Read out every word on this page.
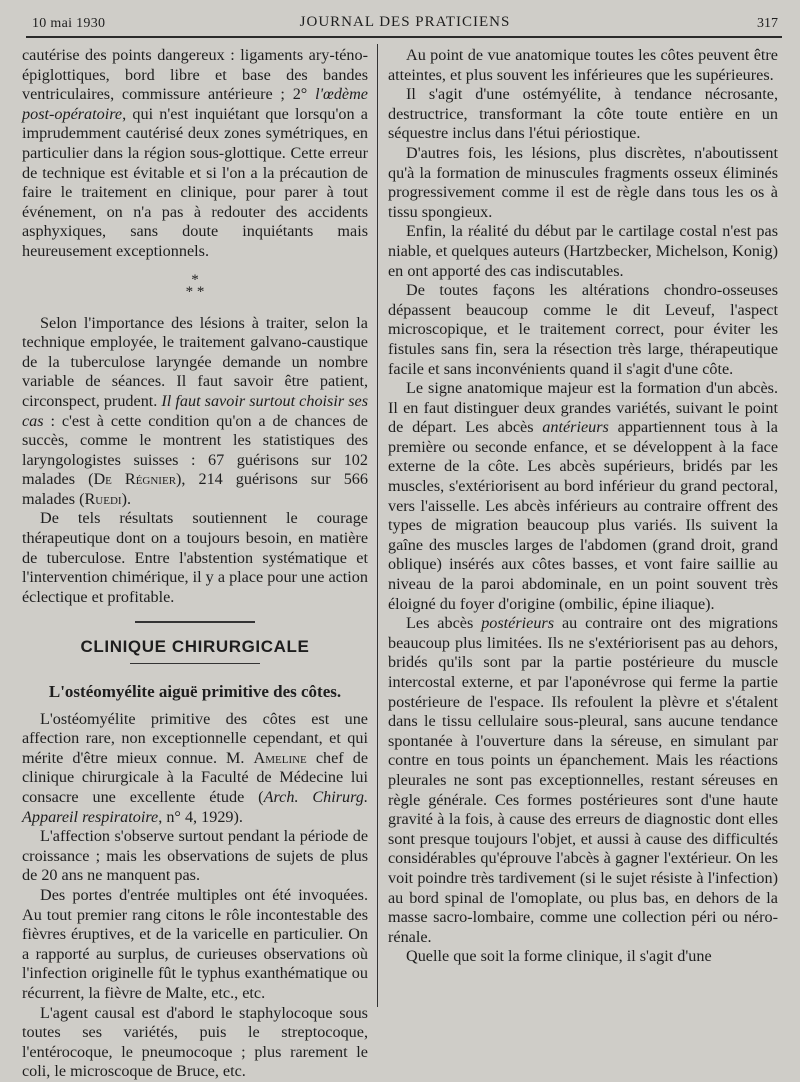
10 mai 1930	JOURNAL DES PRATICIENS	317

cautérise des points dangereux : ligaments ary-téno-épiglottiques, bord libre et base des bandes ventriculaires, commissure antérieure ; 2° l'œdème post-opératoire, qui n'est inquiétant que lorsqu'on a imprudemment cautérisé deux zones symétriques, en particulier dans la région sous-glottique. Cette erreur de technique est évitable et si l'on a la précaution de faire le traitement en clinique, pour parer à tout événement, on n'a pas à redouter des accidents asphyxiques, sans doute inquiétants mais heureusement exceptionnels.

*
* *

Selon l'importance des lésions à traiter, selon la technique employée, le traitement galvano-caustique de la tuberculose laryngée demande un nombre variable de séances. Il faut savoir être patient, circonspect, prudent. Il faut savoir surtout choisir ses cas : c'est à cette condition qu'on a de chances de succès, comme le montrent les statistiques des laryngologistes suisses : 67 guérisons sur 102 malades (De Régnier), 214 guérisons sur 566 malades (Ruedi).

De tels résultats soutiennent le courage thérapeutique dont on a toujours besoin, en matière de tuberculose. Entre l'abstention systématique et l'intervention chimérique, il y a place pour une action éclectique et profitable.

CLINIQUE CHIRURGICALE
L'ostéomyélite aiguë primitive des côtes.

L'ostéomyélite primitive des côtes est une affection rare, non exceptionnelle cependant, et qui mérite d'être mieux connue. M. Ameline chef de clinique chirurgicale à la Faculté de Médecine lui consacre une excellente étude (Arch. Chirurg. Appareil respiratoire, n° 4, 1929).

L'affection s'observe surtout pendant la période de croissance ; mais les observations de sujets de plus de 20 ans ne manquent pas.

Des portes d'entrée multiples ont été invoquées. Au tout premier rang citons le rôle incontestable des fièvres éruptives, et de la varicelle en particulier. On a rapporté au surplus, de curieuses observations où l'infection originelle fût le typhus exanthématique ou récurrent, la fièvre de Malte, etc., etc.

L'agent causal est d'abord le staphylocoque sous toutes ses variétés, puis le streptocoque, l'entérocoque, le pneumocoque ; plus rarement le coli, le microscoque de Bruce, etc.

Au point de vue anatomique toutes les côtes peuvent être atteintes, et plus souvent les inférieures que les supérieures.

Il s'agit d'une ostémyélite, à tendance nécrosante, destructrice, transformant la côte toute entière en un séquestre inclus dans l'étui périostique.

D'autres fois, les lésions, plus discrètes, n'aboutissent qu'à la formation de minuscules fragments osseux éliminés progressivement comme il est de règle dans tous les os à tissu spongieux.

Enfin, la réalité du début par le cartilage costal n'est pas niable, et quelques auteurs (Hartzbecker, Michelson, Konig) en ont apporté des cas indiscutables.

De toutes façons les altérations chondro-osseuses dépassent beaucoup comme le dit Leveuf, l'aspect microscopique, et le traitement correct, pour éviter les fistules sans fin, sera la résection très large, thérapeutique facile et sans inconvénients quand il s'agit d'une côte.

Le signe anatomique majeur est la formation d'un abcès. Il en faut distinguer deux grandes variétés, suivant le point de départ. Les abcès antérieurs appartiennent tous à la première ou seconde enfance, et se développent à la face externe de la côte. Les abcès supérieurs, bridés par les muscles, s'extériorisent au bord inférieur du grand pectoral, vers l'aisselle. Les abcès inférieurs au contraire offrent des types de migration beaucoup plus variés. Ils suivent la gaîne des muscles larges de l'abdomen (grand droit, grand oblique) insérés aux côtes basses, et vont faire saillie au niveau de la paroi abdominale, en un point souvent très éloigné du foyer d'origine (ombilic, épine iliaque).

Les abcès postérieurs au contraire ont des migrations beaucoup plus limitées. Ils ne s'extériorisent pas au dehors, bridés qu'ils sont par la partie postérieure du muscle intercostal externe, et par l'aponévrose qui ferme la partie postérieure de l'espace. Ils refoulent la plèvre et s'étalent dans le tissu cellulaire sous-pleural, sans aucune tendance spontanée à l'ouverture dans la séreuse, en simulant par contre en tous points un épanchement. Mais les réactions pleurales ne sont pas exceptionnelles, restant séreuses en règle générale. Ces formes postérieures sont d'une haute gravité à la fois, à cause des erreurs de diagnostic dont elles sont presque toujours l'objet, et aussi à cause des difficultés considérables qu'éprouve l'abcès à gagner l'extérieur. On les voit poindre très tardivement (si le sujet résiste à l'infection) au bord spinal de l'omoplate, ou plus bas, en dehors de la masse sacro-lombaire, comme une collection péri ou néro-rénale.

Quelle que soit la forme clinique, il s'agit d'une
